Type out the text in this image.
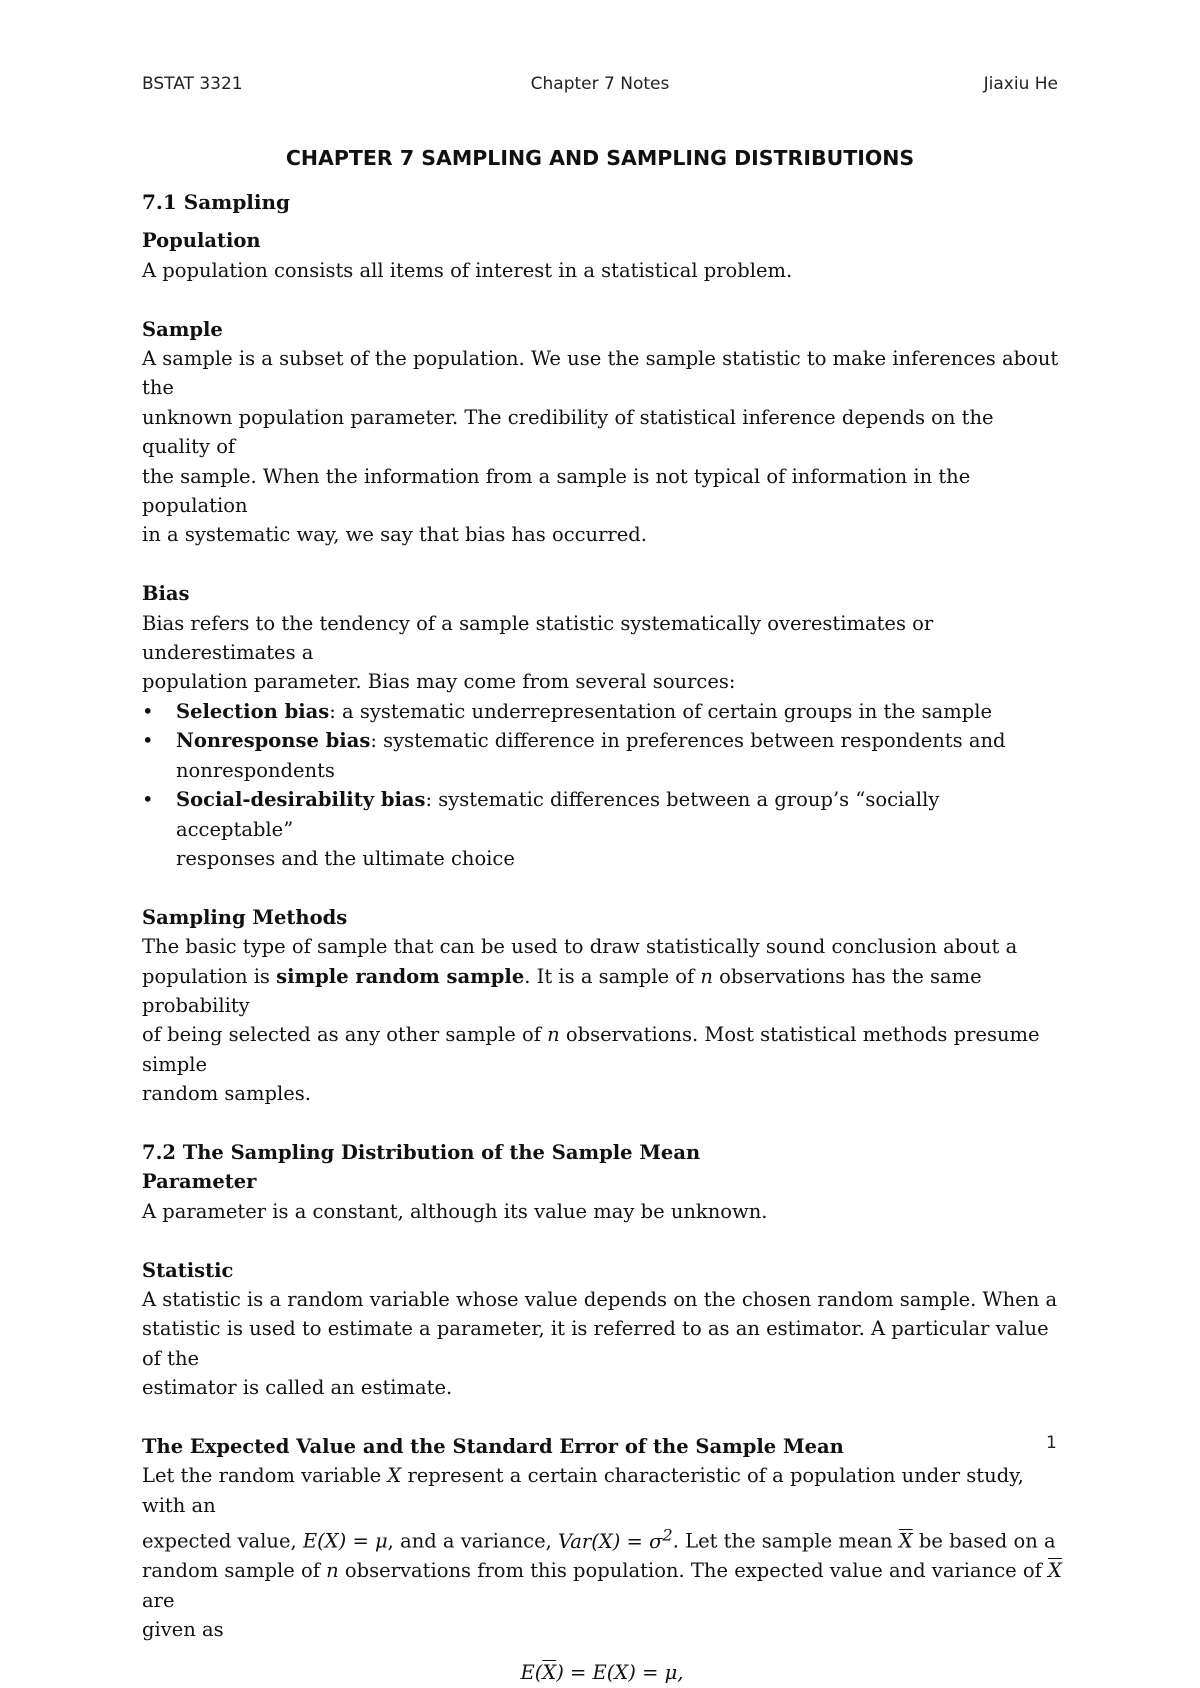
BSTAT 3321	Chapter 7 Notes	Jiaxiu He
CHAPTER 7 SAMPLING AND SAMPLING DISTRIBUTIONS

7.1 Sampling

Population

A population consists all items of interest in a statistical problem.

Sample

A sample is a subset of the population. We use the sample statistic to make inferences about the

unknown population parameter. The credibility of statistical inference depends on the quality of

the sample. When the information from a sample is not typical of information in the population

in a systematic way, we say that bias has occurred.

Bias

Bias refers to the tendency of a sample statistic systematically overestimates or underestimates a

population parameter. Bias may come from several sources:

• Selection bias: a systematic underrepresentation of certain groups in the sample
• Nonresponse bias: systematic difference in preferences between respondents and
nonrespondents
• Social-desirability bias: systematic differences between a group’s “socially acceptable”
responses and the ultimate choice

Sampling Methods

The basic type of sample that can be used to draw statistically sound conclusion about a

population is simple random sample. It is a sample of n observations has the same probability

of being selected as any other sample of n observations. Most statistical methods presume simple

random samples.

7.2 The Sampling Distribution of the Sample Mean

Parameter

A parameter is a constant, although its value may be unknown.

Statistic

A statistic is a random variable whose value depends on the chosen random sample. When a

statistic is used to estimate a parameter, it is referred to as an estimator. A particular value of the

estimator is called an estimate.

The Expected Value and the Standard Error of the Sample Mean

Let the random variable X represent a certain characteristic of a population under study, with an

expected value, E(X) = μ, and a variance, $Var(X) = \sigma^2$. Let the sample mean $\overline{X}$ be based on a

random sample of n observations from this population. The expected value and variance of $\overline{X}$ are

given as

$E(\overline{X}) = E(X) = \mu$,

1
